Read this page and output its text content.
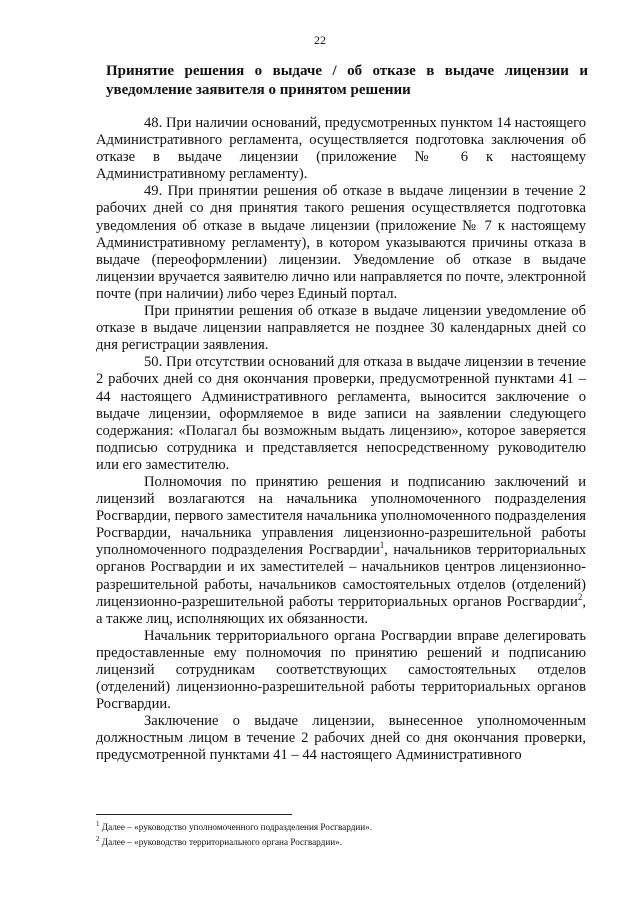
22
Принятие решения о выдаче / об отказе в выдаче лицензии и уведомление заявителя о принятом решении

48. При наличии оснований, предусмотренных пунктом 14 настоящего Административного регламента, осуществляется подготовка заключения об отказе в выдаче лицензии (приложение № 6 к настоящему Административному регламенту).

49. При принятии решения об отказе в выдаче лицензии в течение 2 рабочих дней со дня принятия такого решения осуществляется подготовка уведомления об отказе в выдаче лицензии (приложение № 7 к настоящему Административному регламенту), в котором указываются причины отказа в выдаче (переоформлении) лицензии. Уведомление об отказе в выдаче лицензии вручается заявителю лично или направляется по почте, электронной почте (при наличии) либо через Единый портал.

При принятии решения об отказе в выдаче лицензии уведомление об отказе в выдаче лицензии направляется не позднее 30 календарных дней со дня регистрации заявления.

50. При отсутствии оснований для отказа в выдаче лицензии в течение 2 рабочих дней со дня окончания проверки, предусмотренной пунктами 41 – 44 настоящего Административного регламента, выносится заключение о выдаче лицензии, оформляемое в виде записи на заявлении следующего содержания: «Полагал бы возможным выдать лицензию», которое заверяется подписью сотрудника и представляется непосредственному руководителю или его заместителю.

Полномочия по принятию решения и подписанию заключений и лицензий возлагаются на начальника уполномоченного подразделения Росгвардии, первого заместителя начальника уполномоченного подразделения Росгвардии, начальника управления лицензионно-разрешительной работы уполномоченного подразделения Росгвардии$^1$, начальников территориальных органов Росгвардии и их заместителей – начальников центров лицензионно-разрешительной работы, начальников самостоятельных отделов (отделений) лицензионно-разрешительной работы территориальных органов Росгвардии$^2$, а также лиц, исполняющих их обязанности.

Начальник территориального органа Росгвардии вправе делегировать предоставленные ему полномочия по принятию решений и подписанию лицензий сотрудникам соответствующих самостоятельных отделов (отделений) лицензионно-разрешительной работы территориальных органов Росгвардии.

Заключение о выдаче лицензии, вынесенное уполномоченным должностным лицом в течение 2 рабочих дней со дня окончания проверки, предусмотренной пунктами 41 – 44 настоящего Административного

$^1$ Далее – «руководство уполномоченного подразделения Росгвардии».
$^2$ Далее – «руководство территориального органа Росгвардии».
